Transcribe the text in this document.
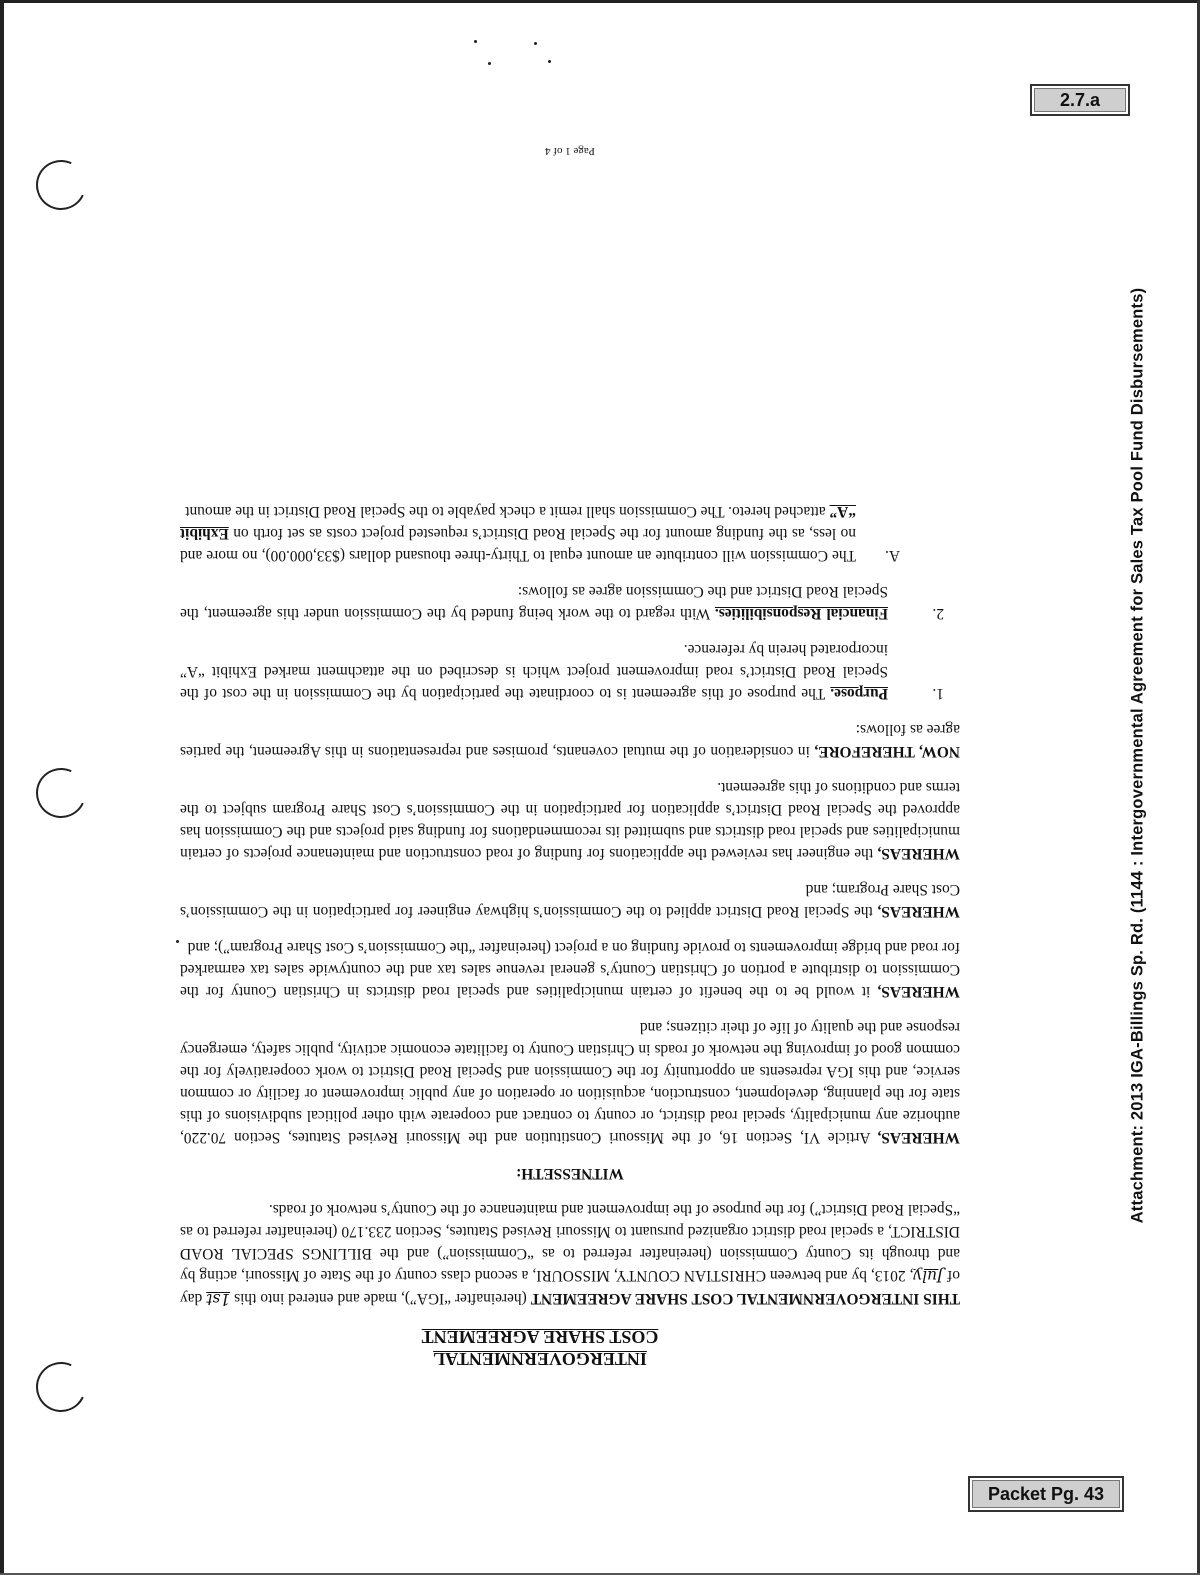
2.7.a
Packet Pg. 43
Attachment: 2013 IGA-Billings Sp. Rd. (1144 : Intergovernmental Agreement for Sales Tax Pool Fund Disbursements)
INTERGOVERNMENTAL
COST SHARE AGREEMENT

THIS INTERGOVERNMENTAL COST SHARE AGREEMENT (hereinafter “IGA”), made and entered into this 1st day of July, 2013, by and between CHRISTIAN COUNTY, MISSOURI, a second class county of the State of Missouri, acting by and through its County Commission (hereinafter referred to as “Commission”) and the BILLINGS SPECIAL ROAD DISTRICT, a special road district organized pursuant to Missouri Revised Statutes, Section 233.170 (hereinafter referred to as “Special Road District”) for the purpose of the improvement and maintenance of the County’s network of roads.

WITNESSETH:

WHEREAS, Article VI, Section 16, of the Missouri Constitution and the Missouri Revised Statutes, Section 70.220, authorize any municipality, special road district, or county to contract and cooperate with other political subdivisions of this state for the planning, development, construction, acquisition or operation of any public improvement or facility or common service, and this IGA represents an opportunity for the Commission and Special Road District to work cooperatively for the common good of improving the network of roads in Christian County to facilitate economic activity, public safety, emergency response and the quality of life of their citizens; and

WHEREAS, it would be to the benefit of certain municipalities and special road districts in Christian County for the Commission to distribute a portion of Christian County’s general revenue sales tax and the countywide sales tax earmarked for road and bridge improvements to provide funding on a project (hereinafter “the Commission’s Cost Share Program”); and

WHEREAS, the Special Road District applied to the Commission’s highway engineer for participation in the Commission’s Cost Share Program; and

WHEREAS, the engineer has reviewed the applications for funding of road construction and maintenance projects of certain municipalities and special road districts and submitted its recommendations for funding said projects and the Commission has approved the Special Road District’s application for participation in the Commission’s Cost Share Program subject to the terms and conditions of this agreement.

NOW, THEREFORE, in consideration of the mutual covenants, promises and representations in this Agreement, the parties agree as follows:

1.
Purpose. The purpose of this agreement is to coordinate the participation by the Commission in the cost of the Special Road District’s road improvement project which is described on the attachment marked Exhibit “A” incorporated herein by reference.
2.
Financial Responsibilities. With regard to the work being funded by the Commission under this agreement, the Special Road District and the Commission agree as follows:
A.
The Commission will contribute an amount equal to Thirty-three thousand dollars ($33,000.00), no more and no less, as the funding amount for the Special Road District’s requested project costs as set forth on Exhibit “A” attached hereto. The Commission shall remit a check payable to the Special Road District in the amount
Page 1 of 4
